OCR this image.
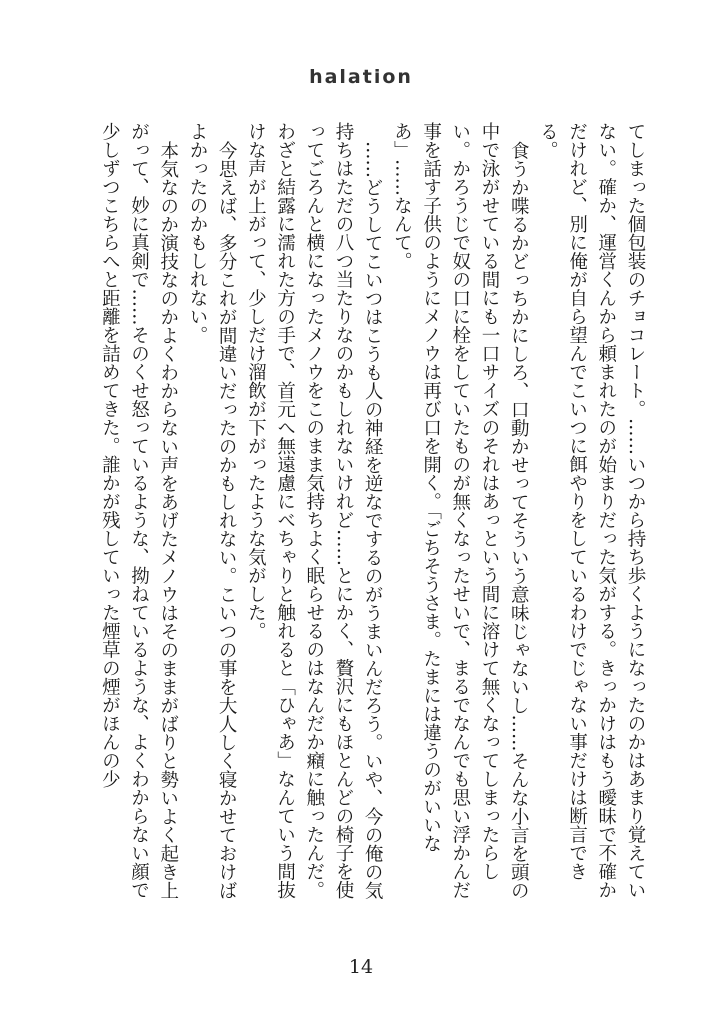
halation

てしまった個包装のチョコレート。……いつから持ち歩くようになったのかはあまり覚えていない。確か、運営くんから頼まれたのが始まりだった気がする。きっかけはもう曖昧で不確かだけれど、別に俺が自ら望んでこいつに餌やりをしているわけでじゃない事だけは断言できる。

食うか喋るかどっちかにしろ、口動かせってそういう意味じゃないし……そんな小言を頭の中で泳がせている間にも一口サイズのそれはあっという間に溶けて無くなってしまったらしい。かろうじで奴の口に栓をしていたものが無くなったせいで、まるでなんでも思い浮かんだ事を話す子供のようにメノウは再び口を開く。「ごちそうさま。たまには違うのがいいなあ」……なんて。

……どうしてこいつはこうも人の神経を逆なでするのがうまいんだろう。いや、今の俺の気持ちはただの八つ当たりなのかもしれないけれど……とにかく、贅沢にもほとんどの椅子を使ってごろんと横になったメノウをこのまま気持ちよく眠らせるのはなんだか癪に触ったんだ。わざと結露に濡れた方の手で、首元へ無遠慮にべちゃりと触れると「ひゃあ」なんていう間抜けな声が上がって、少しだけ溜飲が下がったような気がした。

今思えば、多分これが間違いだったのかもしれない。こいつの事を大人しく寝かせておけばよかったのかもしれない。

本気なのか演技なのかよくわからない声をあげたメノウはそのままがばりと勢いよく起き上がって、妙に真剣で……そのくせ怒っているような、拗ねているような、よくわからない顔で少しずつこちらへと距離を詰めてきた。誰かが残していった煙草の煙がほんの少

14
